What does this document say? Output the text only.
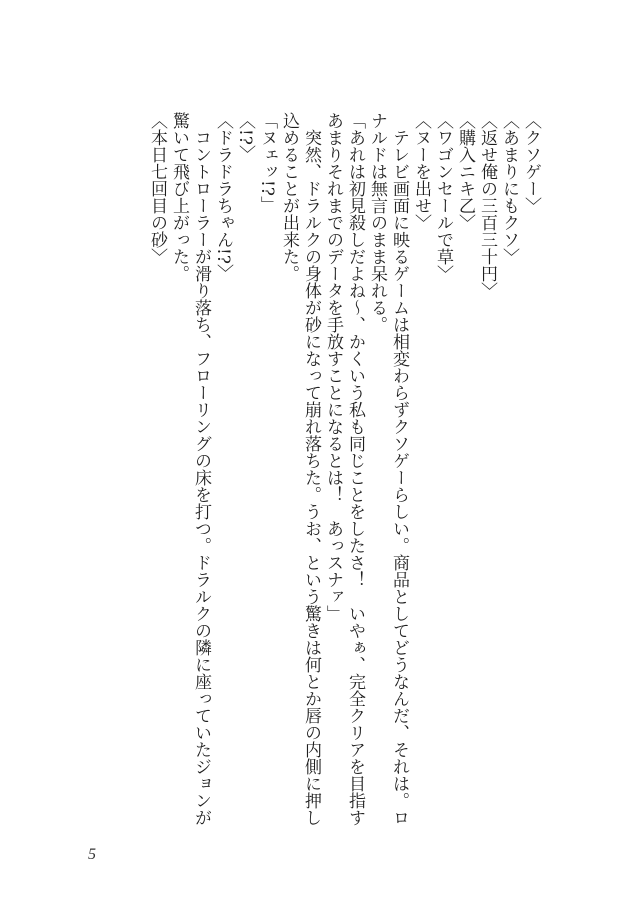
〈クソゲー〉
〈あまりにもクソ〉
〈返せ俺の三百三十円〉
〈購入ニキ乙〉
〈ワゴンセールで草〉
〈ヌーを出せ〉
　テレビ画面に映るゲームは相変わらずクソゲーらしい。商品としてどうなんだ、それは。ロナルドは無言のまま呆れる。
「あれは初見殺しだよね～、かくいう私も同じことをしたさ！　いやぁ、完全クリアを目指すあまりそれまでのデータを手放すことになるとは！　あっスナァ」
　突然、ドラルクの身体が砂になって崩れ落ちた。うお、という驚きは何とか唇の内側に押し込めることが出来た。
「ヌェッ!?」
〈!?〉
〈ドラドラちゃん!?〉
　コントローラーが滑り落ち、フローリングの床を打つ。ドラルクの隣に座っていたジョンが驚いて飛び上がった。
〈本日七回目の砂〉
5
